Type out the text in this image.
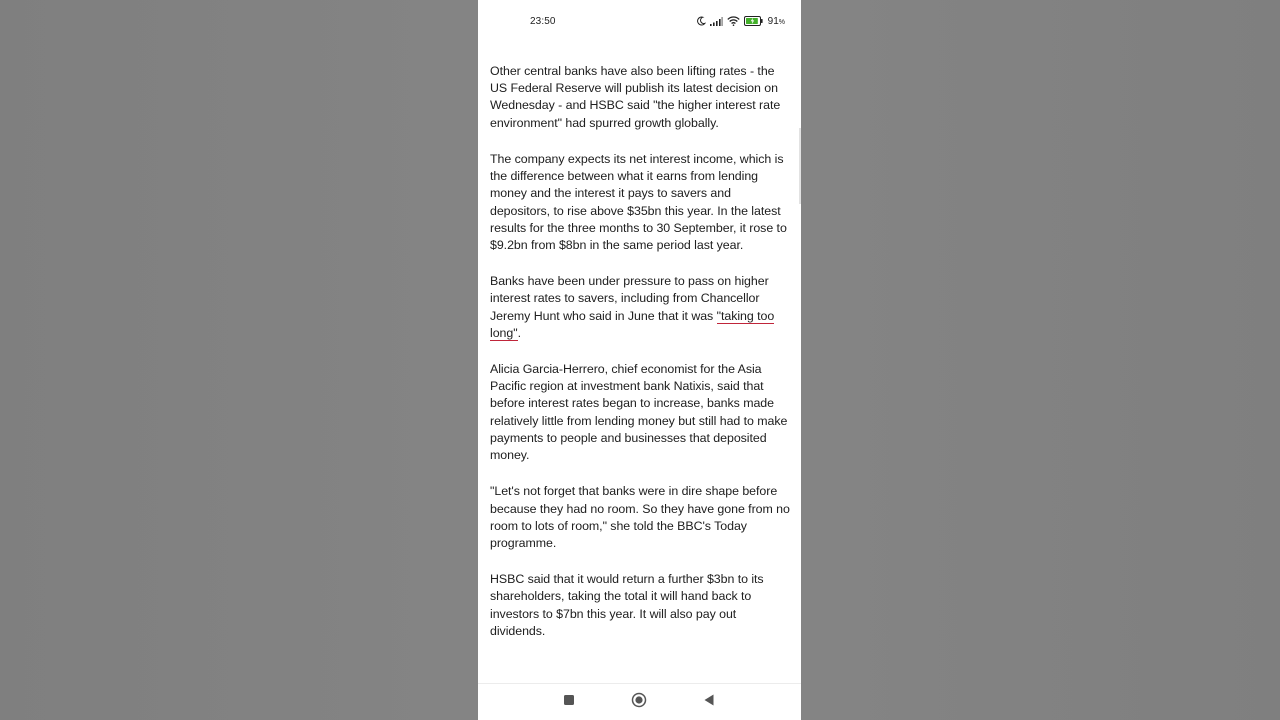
23:50	91%

Other central banks have also been lifting rates - the US Federal Reserve will publish its latest decision on Wednesday - and HSBC said "the higher interest rate environment" had spurred growth globally.

The company expects its net interest income, which is the difference between what it earns from lending money and the interest it pays to savers and depositors, to rise above $35bn this year. In the latest results for the three months to 30 September, it rose to $9.2bn from $8bn in the same period last year.

Banks have been under pressure to pass on higher interest rates to savers, including from Chancellor Jeremy Hunt who said in June that it was "taking too long".

Alicia Garcia-Herrero, chief economist for the Asia Pacific region at investment bank Natixis, said that before interest rates began to increase, banks made relatively little from lending money but still had to make payments to people and businesses that deposited money.

"Let's not forget that banks were in dire shape before because they had no room. So they have gone from no room to lots of room," she told the BBC's Today programme.

HSBC said that it would return a further $3bn to its shareholders, taking the total it will hand back to investors to $7bn this year. It will also pay out dividends.
